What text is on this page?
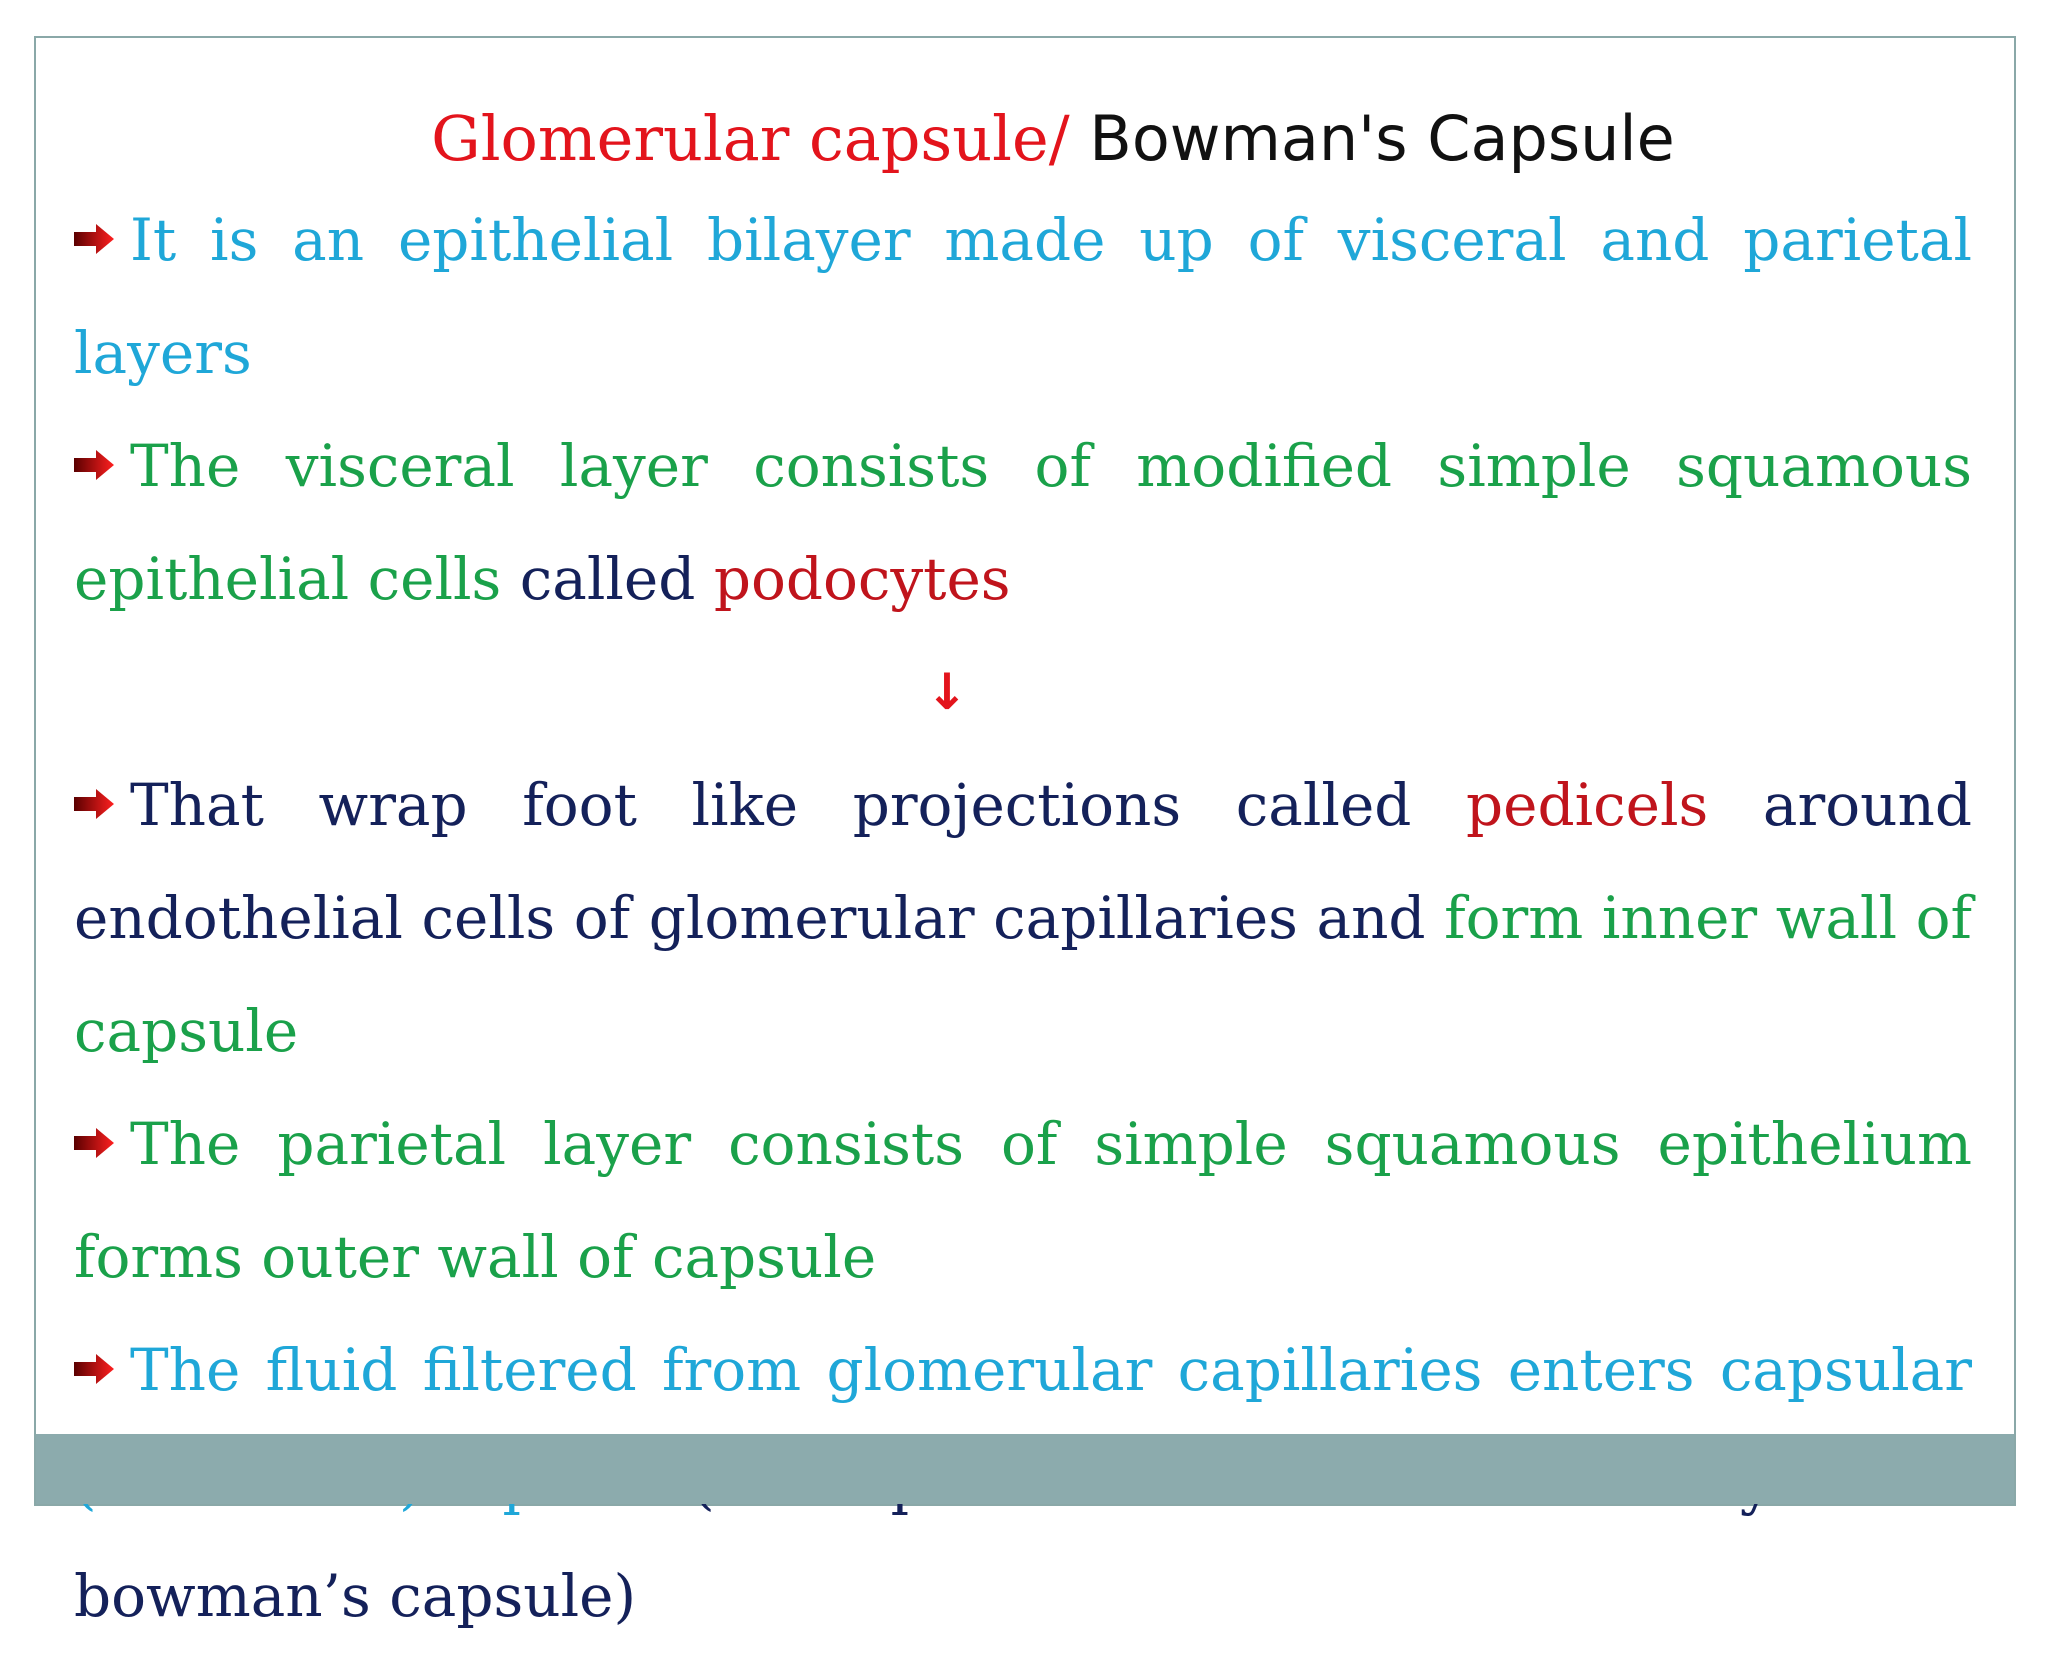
Glomerular capsule/ Bowman's Capsule

It is an epithelial bilayer made up of visceral and parietal layers

The visceral layer consists of modified simple squamous epithelial cells called podocytes

↓

That wrap foot like projections called pedicels around endothelial cells of glomerular capillaries and form inner wall of capsule

The parietal layer consists of simple squamous epithelium forms outer wall of capsule

The fluid filtered from glomerular capillaries enters capsular bowman’s capsule)
